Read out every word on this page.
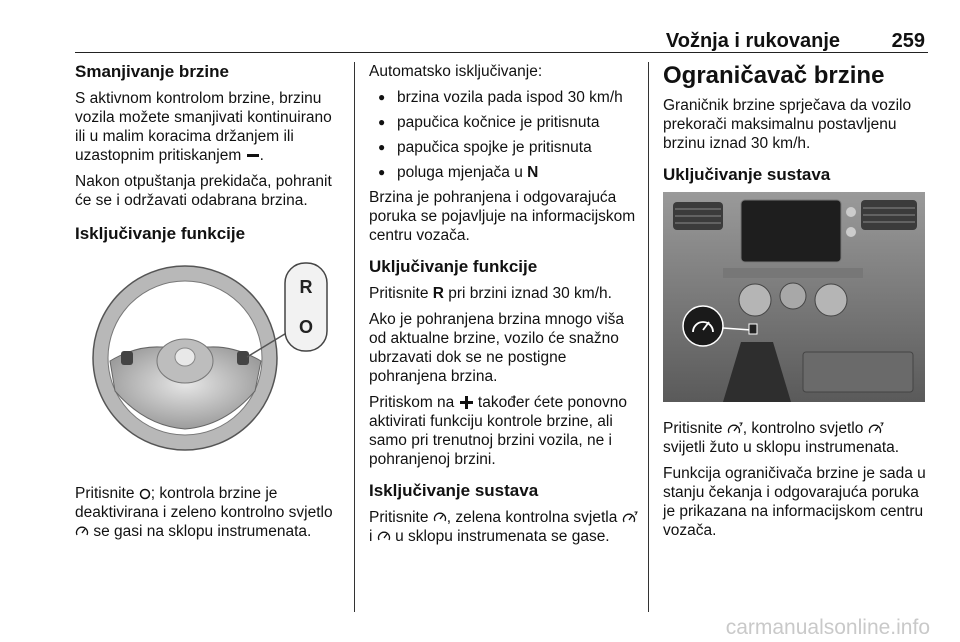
Vožnja i rukovanje	259
Smanjivanje brzine

S aktivnom kontrolom brzine, brzinu vozila možete smanjivati kontinuirano ili u malim koracima držanjem ili uzastopnim pritiskanjem .

Nakon otpuštanja prekidača, pohranit će se i održavati odabrana brzina.

Isključivanje funkcije
R
O

Pritisnite ; kontrola brzine je deaktivirana i zeleno kontrolno svjetlo  se gasi na sklopu instrumenata.

Automatsko isključivanje:

● brzina vozila pada ispod 30 km/h
● papučica kočnice je pritisnuta
● papučica spojke je pritisnuta
● poluga mjenjača u N

Brzina je pohranjena i odgovarajuća poruka se pojavljuje na informacijskom centru vozača.

Uključivanje funkcije

Pritisnite R pri brzini iznad 30 km/h.

Ako je pohranjena brzina mnogo viša od aktualne brzine, vozilo će snažno ubrzavati dok se ne postigne pohranjena brzina.

Pritiskom na također ćete ponovno aktivirati funkciju kontrole brzine, ali samo pri trenutnoj brzini vozila, ne i pohranjenoj brzini.

Isključivanje sustava

Pritisnite , zelena kontrolna svjetla  i u sklopu instrumenata se gase.

Ograničavač brzine

Graničnik brzine sprječava da vozilo prekorači maksimalnu postavljenu brzinu iznad 30 km/h.

Uključivanje sustava

Pritisnite , kontrolno svjetlo  svijetli žuto u sklopu instrumenata.

Funkcija ograničivača brzine je sada u stanju čekanja i odgovarajuća poruka je prikazana na informacijskom centru vozača.

carmanualsonline.info
